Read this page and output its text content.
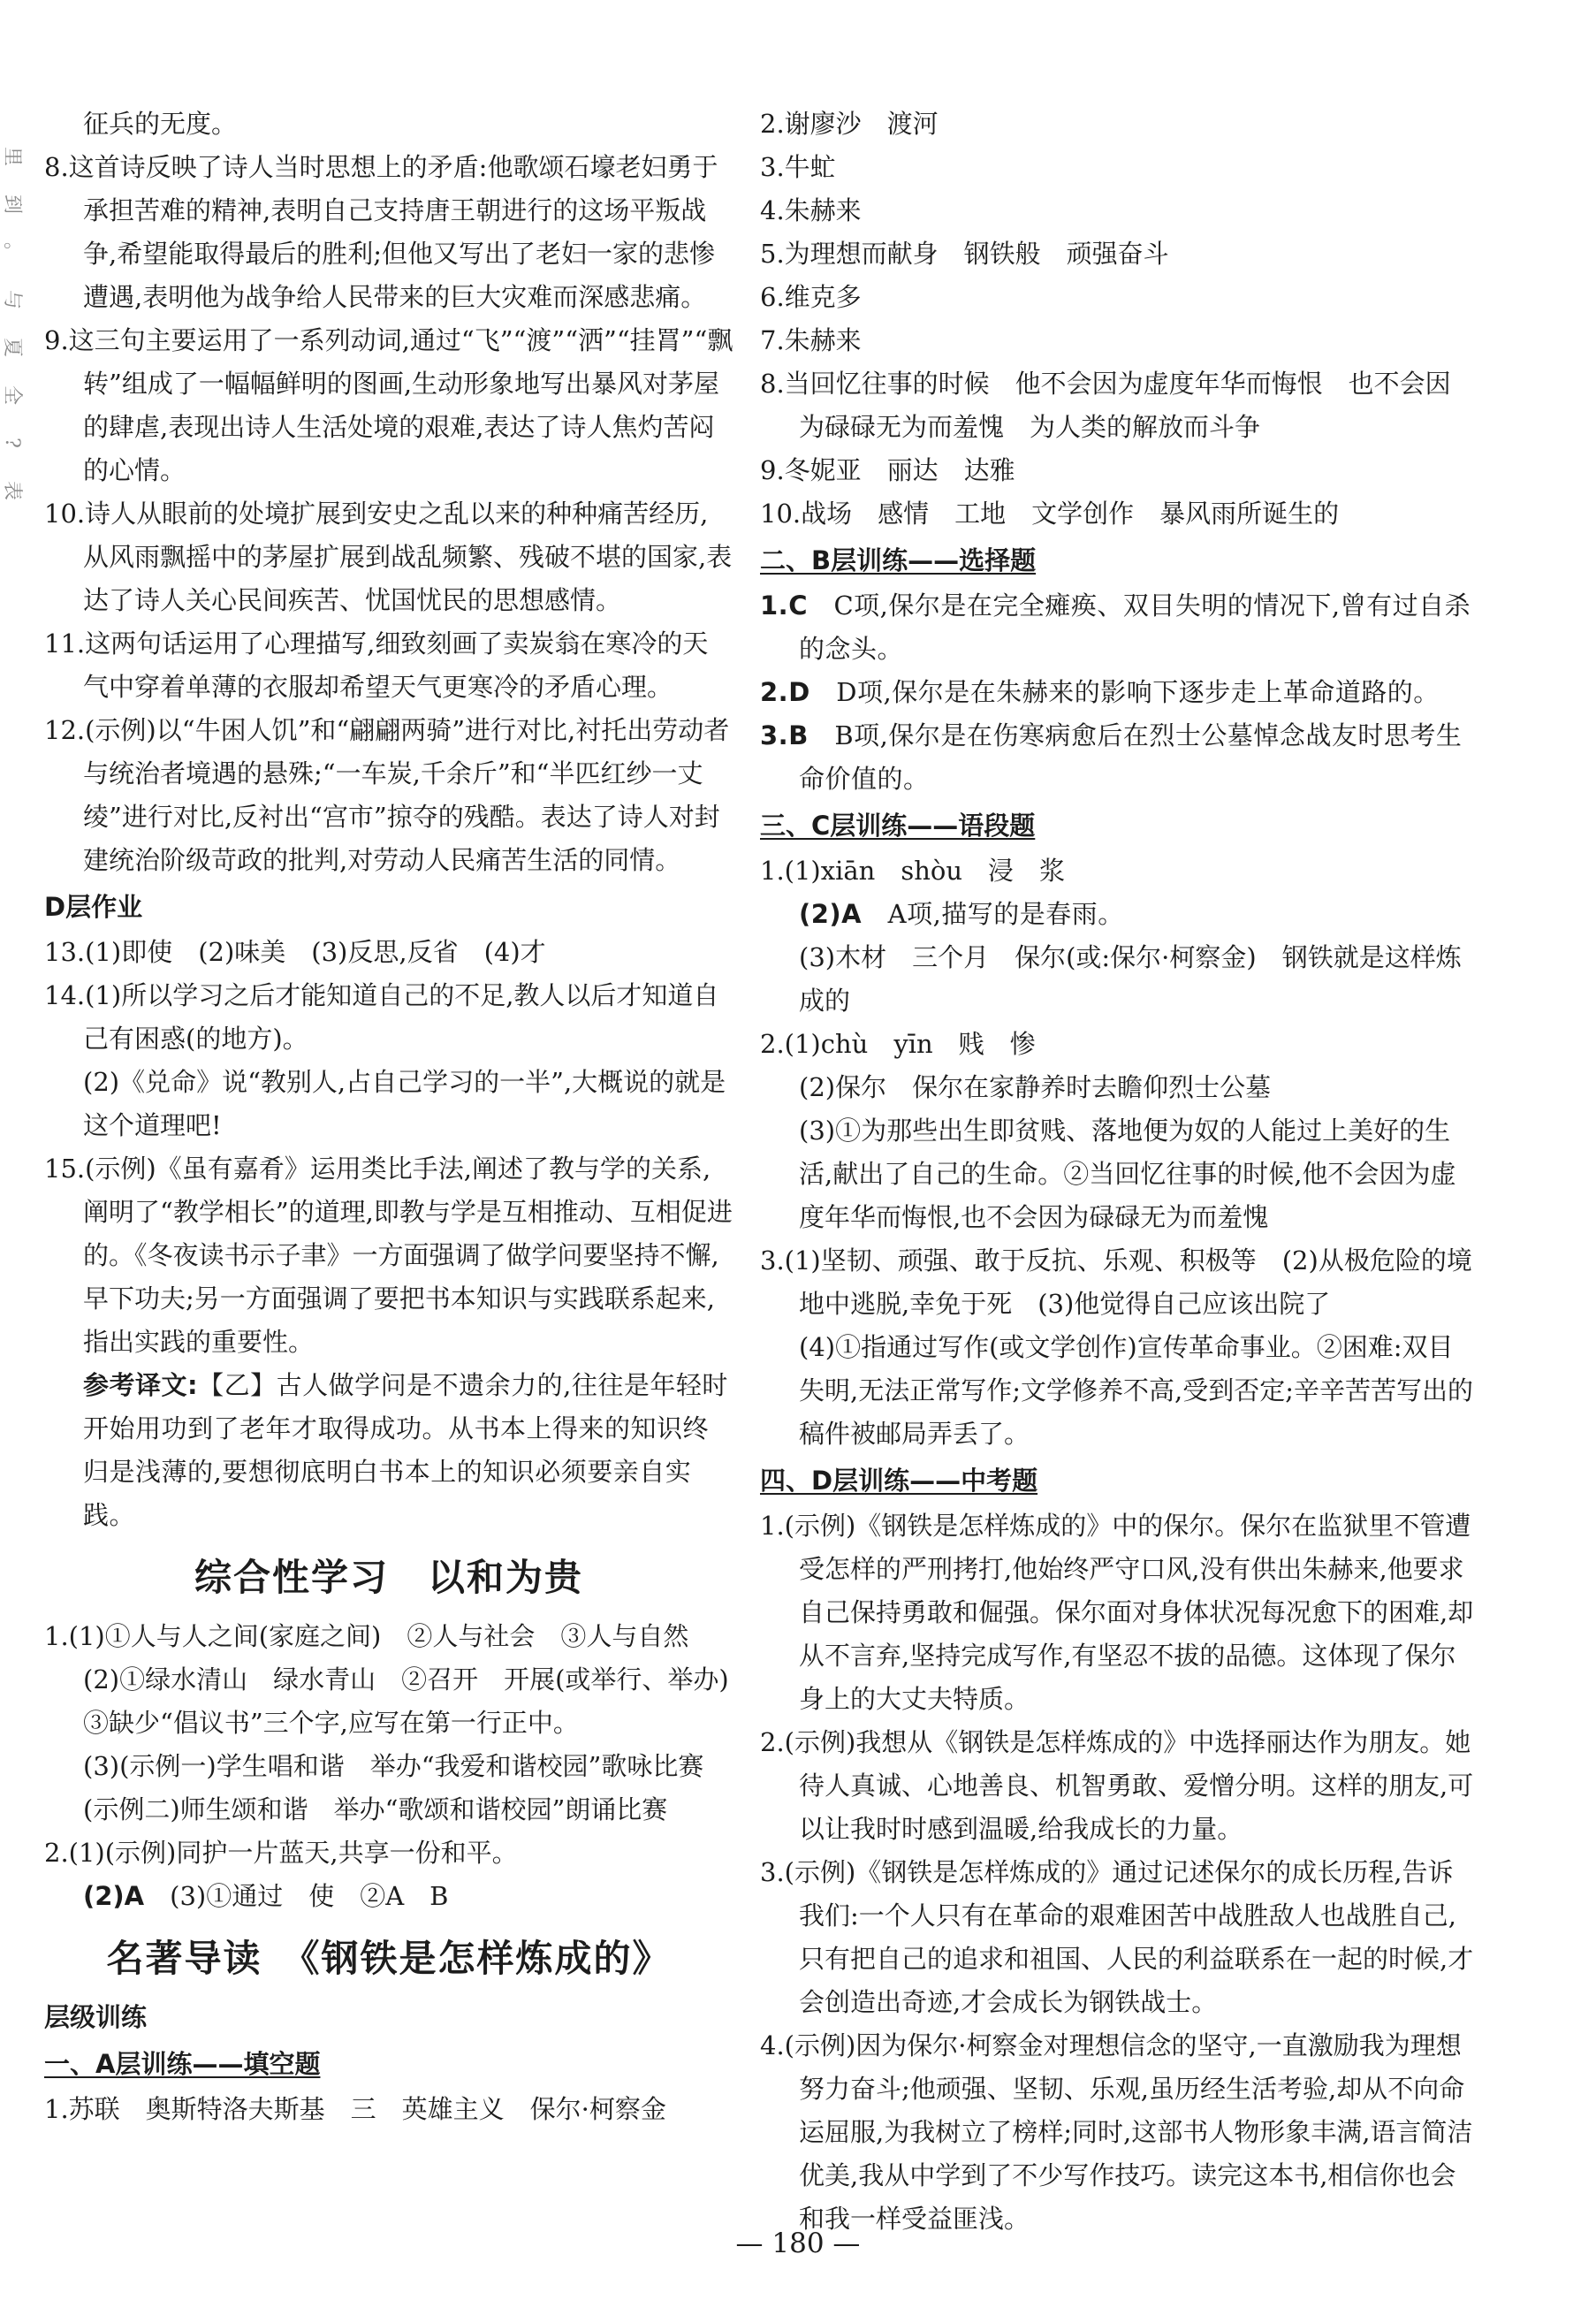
里
到
。
与
夏
全
?
表

征兵的无度。

8.这首诗反映了诗人当时思想上的矛盾:他歌颂石壕老妇勇于承担苦难的精神,表明自己支持唐王朝进行的这场平叛战争,希望能取得最后的胜利;但他又写出了老妇一家的悲惨遭遇,表明他为战争给人民带来的巨大灾难而深感悲痛。

9.这三句主要运用了一系列动词,通过“飞”“渡”“洒”“挂罥”“飘转”组成了一幅幅鲜明的图画,生动形象地写出暴风对茅屋的肆虐,表现出诗人生活处境的艰难,表达了诗人焦灼苦闷的心情。

10.诗人从眼前的处境扩展到安史之乱以来的种种痛苦经历,从风雨飘摇中的茅屋扩展到战乱频繁、残破不堪的国家,表达了诗人关心民间疾苦、忧国忧民的思想感情。

11.这两句话运用了心理描写,细致刻画了卖炭翁在寒冷的天气中穿着单薄的衣服却希望天气更寒冷的矛盾心理。

12.(示例)以“牛困人饥”和“翩翩两骑”进行对比,衬托出劳动者与统治者境遇的悬殊;“一车炭,千余斤”和“半匹红纱一丈绫”进行对比,反衬出“宫市”掠夺的残酷。表达了诗人对封建统治阶级苛政的批判,对劳动人民痛苦生活的同情。

D层作业

13.(1)即使　(2)味美　(3)反思,反省　(4)才

14.(1)所以学习之后才能知道自己的不足,教人以后才知道自己有困惑(的地方)。

(2)《兑命》说“教别人,占自己学习的一半”,大概说的就是这个道理吧!

15.(示例)《虽有嘉肴》运用类比手法,阐述了教与学的关系,阐明了“教学相长”的道理,即教与学是互相推动、互相促进的。《冬夜读书示子聿》一方面强调了做学问要坚持不懈,早下功夫;另一方面强调了要把书本知识与实践联系起来,指出实践的重要性。

参考译文:【乙】古人做学问是不遗余力的,往往是年轻时开始用功到了老年才取得成功。从书本上得来的知识终归是浅薄的,要想彻底明白书本上的知识必须要亲自实践。

综合性学习　以和为贵

1.(1)①人与人之间(家庭之间)　②人与社会　③人与自然

(2)①绿水清山　绿水青山　②召开　开展(或举行、举办)　③缺少“倡议书”三个字,应写在第一行正中。

(3)(示例一)学生唱和谐　举办“我爱和谐校园”歌咏比赛

(示例二)师生颂和谐　举办“歌颂和谐校园”朗诵比赛

2.(1)(示例)同护一片蓝天,共享一份和平。

(2)A　(3)①通过　使　②A　B

名著导读　《钢铁是怎样炼成的》
层级训练
一、A层训练——填空题

1.苏联　奥斯特洛夫斯基　三　英雄主义　保尔·柯察金

2.谢廖沙　渡河

3.牛虻

4.朱赫来

5.为理想而献身　钢铁般　顽强奋斗

6.维克多

7.朱赫来

8.当回忆往事的时候　他不会因为虚度年华而悔恨　也不会因为碌碌无为而羞愧　为人类的解放而斗争

9.冬妮亚　丽达　达雅

10.战场　感情　工地　文学创作　暴风雨所诞生的

二、B层训练——选择题

1.C　C项,保尔是在完全瘫痪、双目失明的情况下,曾有过自杀的念头。

2.D　D项,保尔是在朱赫来的影响下逐步走上革命道路的。

3.B　B项,保尔是在伤寒病愈后在烈士公墓悼念战友时思考生命价值的。

三、C层训练——语段题

1.(1)xiān　shòu　浸　浆

(2)A　A项,描写的是春雨。

(3)木材　三个月　保尔(或:保尔·柯察金)　钢铁就是这样炼成的

2.(1)chù　yīn　贱　惨

(2)保尔　保尔在家静养时去瞻仰烈士公墓

(3)①为那些出生即贫贱、落地便为奴的人能过上美好的生活,献出了自己的生命。②当回忆往事的时候,他不会因为虚度年华而悔恨,也不会因为碌碌无为而羞愧

3.(1)坚韧、顽强、敢于反抗、乐观、积极等　(2)从极危险的境地中逃脱,幸免于死　(3)他觉得自己应该出院了

(4)①指通过写作(或文学创作)宣传革命事业。②困难:双目失明,无法正常写作;文学修养不高,受到否定;辛辛苦苦写出的稿件被邮局弄丢了。

四、D层训练——中考题

1.(示例)《钢铁是怎样炼成的》中的保尔。保尔在监狱里不管遭受怎样的严刑拷打,他始终严守口风,没有供出朱赫来,他要求自己保持勇敢和倔强。保尔面对身体状况每况愈下的困难,却从不言弃,坚持完成写作,有坚忍不拔的品德。这体现了保尔身上的大丈夫特质。

2.(示例)我想从《钢铁是怎样炼成的》中选择丽达作为朋友。她待人真诚、心地善良、机智勇敢、爱憎分明。这样的朋友,可以让我时时感到温暖,给我成长的力量。

3.(示例)《钢铁是怎样炼成的》通过记述保尔的成长历程,告诉我们:一个人只有在革命的艰难困苦中战胜敌人也战胜自己,只有把自己的追求和祖国、人民的利益联系在一起的时候,才会创造出奇迹,才会成长为钢铁战士。

4.(示例)因为保尔·柯察金对理想信念的坚守,一直激励我为理想努力奋斗;他顽强、坚韧、乐观,虽历经生活考验,却从不向命运屈服,为我树立了榜样;同时,这部书人物形象丰满,语言简洁优美,我从中学到了不少写作技巧。读完这本书,相信你也会和我一样受益匪浅。

— 180 —
